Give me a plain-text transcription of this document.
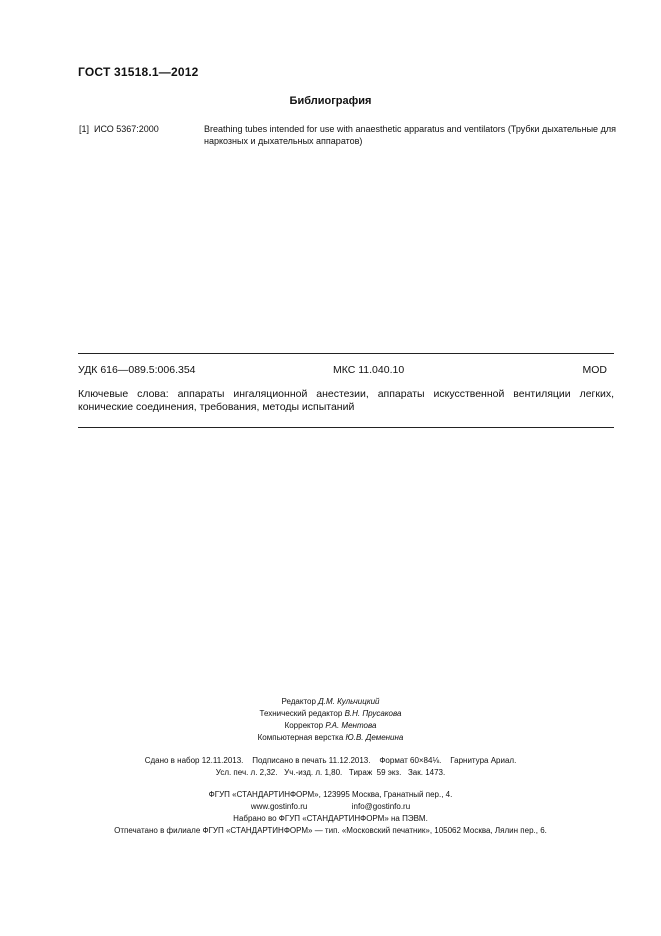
ГОСТ 31518.1—2012
Библиография
[1] ИСО 5367:2000	Breathing tubes intended for use with anaesthetic apparatus and ventilators (Трубки дыхательные для наркозных и дыхательных аппаратов)
УДК 616—089.5:006.354	МКС 11.040.10	MOD
Ключевые слова: аппараты ингаляционной анестезии, аппараты искусственной вентиляции легких, конические соединения, требования, методы испытаний
Редактор Д.М. Кульчицкий
Технический редактор В.Н. Прусакова
Корректор Р.А. Ментова
Компьютерная верстка Ю.В. Деменина
Сдано в набор 12.11.2013.    Подписано в печать 11.12.2013.    Формат 60×84⅛.    Гарнитура Ариал.
Усл. печ. л. 2,32.   Уч.-изд. л. 1,80.   Тираж  59 экз.   Зак. 1473.
ФГУП «СТАНДАРТИНФОРМ», 123995 Москва, Гранатный пер., 4.
www.gostinfo.ru	info@gostinfo.ru
Набрано во ФГУП «СТАНДАРТИНФОРМ» на ПЭВМ.
Отпечатано в филиале ФГУП «СТАНДАРТИНФОРМ» — тип. «Московский печатник», 105062 Москва, Лялин пер., 6.
